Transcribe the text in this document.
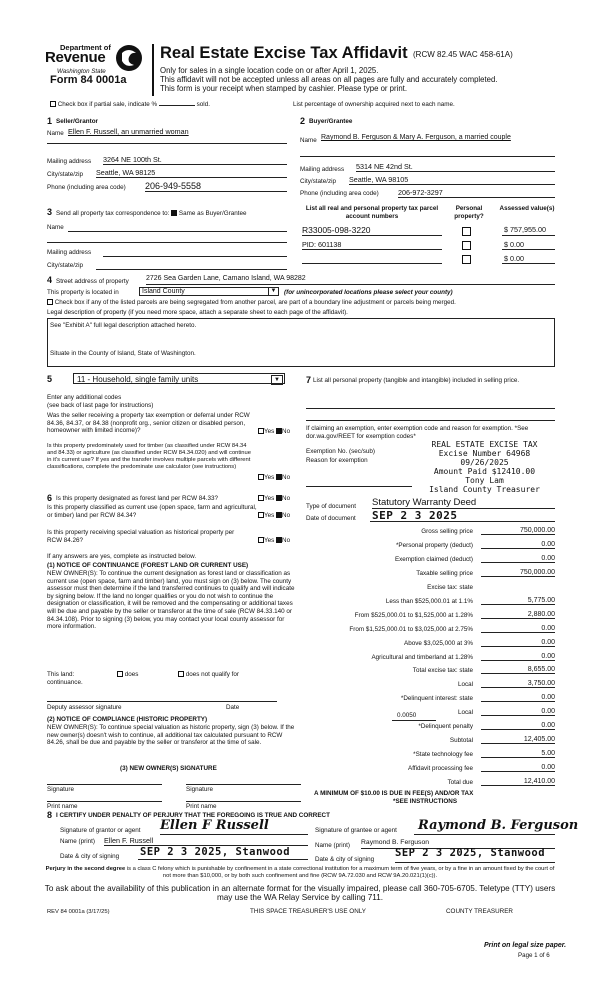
Department of
Revenue
Washington State
Form 84 0001a
Real Estate Excise Tax Affidavit (RCW 82.45 WAC 458-61A)
Only for sales in a single location code on or after April 1, 2025.
This affidavit will not be accepted unless all areas on all pages are fully and accurately completed.
This form is your receipt when stamped by cashier. Please type or print.
Check box if partial sale, indicate %	sold.	List percentage of ownership acquired next to each name.
1 Seller/Grantor
Name Ellen F. Russell, an unmarried woman
Mailing address 3264 NE 100th St.
City/state/zip Seattle, WA 98125
Phone (including area code) 206-949-5558
2 Buyer/Grantee
Name Raymond B. Ferguson & Mary A. Ferguson, a married couple
Mailing address 5314 NE 42nd St.
City/state/zip Seattle, WA 98105
Phone (including area code)	206-972-3297
3 Send all property tax correspondence to: Same as Buyer/Grantee
Name
Mailing address
City/state/zip
List all real and personal property tax parcel account numbers
Personal property?
Assessed value(s)
R33005-098-3220	$ 757,955.00
PID: 601138	$ 0.00
$ 0.00
4 Street address of property 2726 Sea Garden Lane, Camano Island, WA 98282
This property is located in	Island County	▼ (for unincorporated locations please select your county)
Check box if any of the listed parcels are being segregated from another parcel, are part of a boundary line adjustment or parcels being merged.
Legal description of property (if you need more space, attach a separate sheet to each page of the affidavit).
See "Exhibit A" full legal description attached hereto.
Situate in the County of Island, State of Washington.
5	11 - Household, single family units	▼
Enter any additional codes
(see back of last page for instructions)
Was the seller receiving a property tax exemption or deferral under RCW 84.36, 84.37, or 84.38 (nonprofit org., senior citizen or disabled person, homeowner with limited income)?	Yes No
Is this property predominately used for timber (as classified under RCW 84.34 and 84.33) or agriculture (as classified under RCW 84.34.020) and will continue in it's current use? If yes and the transfer involves multiple parcels with different classifications, complete the predominate use calculator (see instructions)
Yes No
6 Is this property designated as forest land per RCW 84.33?	Yes No
Is this property classified as current use (open space, farm and agricultural, or timber) land per RCW 84.34?	Yes No
Is this property receiving special valuation as historical property per RCW 84.26?	Yes No
If any answers are yes, complete as instructed below.
(1) NOTICE OF CONTINUANCE (FOREST LAND OR CURRENT USE)
NEW OWNER(S): To continue the current designation as forest land or classification as current use (open space, farm and timber) land, you must sign on (3) below. The county assessor must then determine if the land transferred continues to qualify and will indicate by signing below. If the land no longer qualifies or you do not wish to continue the designation or classification, it will be removed and the compensating or additional taxes will be due and payable by the seller or transferor at the time of sale (RCW 84.33.140 or 84.34.108). Prior to signing (3) below, you may contact your local county assessor for more information.
This land:	does	does not qualify for
continuance.
Deputy assessor signature	Date
(2) NOTICE OF COMPLIANCE (HISTORIC PROPERTY)
NEW OWNER(S): To continue special valuation as historic property, sign (3) below. If the new owner(s) doesn't wish to continue, all additional tax calculated pursuant to RCW 84.26, shall be due and payable by the seller or transferor at the time of sale.
(3) NEW OWNER(S) SIGNATURE
Signature	Signature
Print name	Print name
7 List all personal property (tangible and intangible) included in selling price.
If claiming an exemption, enter exemption code and reason for exemption. *See dor.wa.gov/REET for exemption codes*
Exemption No. (sec/sub)
Reason for exemption
REAL ESTATE EXCISE TAX
Excise Number 64968
09/26/2025
Amount Paid $12410.00
Tony Lam
Island County Treasurer
Type of document Statutory Warranty Deed
Date of document SEP 2 3 2025
Gross selling price	750,000.00
*Personal property (deduct)	0.00
Exemption claimed (deduct)	0.00
Taxable selling price	750,000.00
Excise tax: state
Less than $525,000.01 at 1.1%	5,775.00
From $525,000.01 to $1,525,000 at 1.28%	2,880.00
From $1,525,000.01 to $3,025,000 at 2.75%	0.00
Above $3,025,000 at 3%	0.00
Agricultural and timberland at 1.28%	0.00
Total excise tax: state	8,655.00
Local	3,750.00
*Delinquent interest: state	0.00
Local	0.00
*Delinquent penalty	0.00
Subtotal	12,405.00
*State technology fee	5.00
Affidavit processing fee	0.00
Total due	12,410.00
0.0050
A MINIMUM OF $10.00 IS DUE IN FEE(S) AND/OR TAX
*SEE INSTRUCTIONS
8 I CERTIFY UNDER PENALTY OF PERJURY THAT THE FOREGOING IS TRUE AND CORRECT
Signature of grantor or agent Ellen F Russell
Name (print) Ellen F. Russell
Date & city of signing SEP 2 3 2025, Stanwood
Signature of grantee or agent Raymond B. Ferguson
Name (print) Raymond B. Ferguson
Date & city of signing
SEP 2 3 2025, Stanwood
Perjury in the second degree is a class C felony which is punishable by confinement in a state correctional institution for a maximum term of five years, or by a fine in an amount fixed by the court of not more than $10,000, or by both such confinement and fine (RCW 9A.72.030 and RCW 9A.20.021(1)(c)).
To ask about the availability of this publication in an alternate format for the visually impaired, please call 360-705-6705. Teletype (TTY) users may use the WA Relay Service by calling 711.
REV 84 0001a (3/17/25)	THIS SPACE TREASURER'S USE ONLY	COUNTY TREASURER
Print on legal size paper.
Page 1 of 6
